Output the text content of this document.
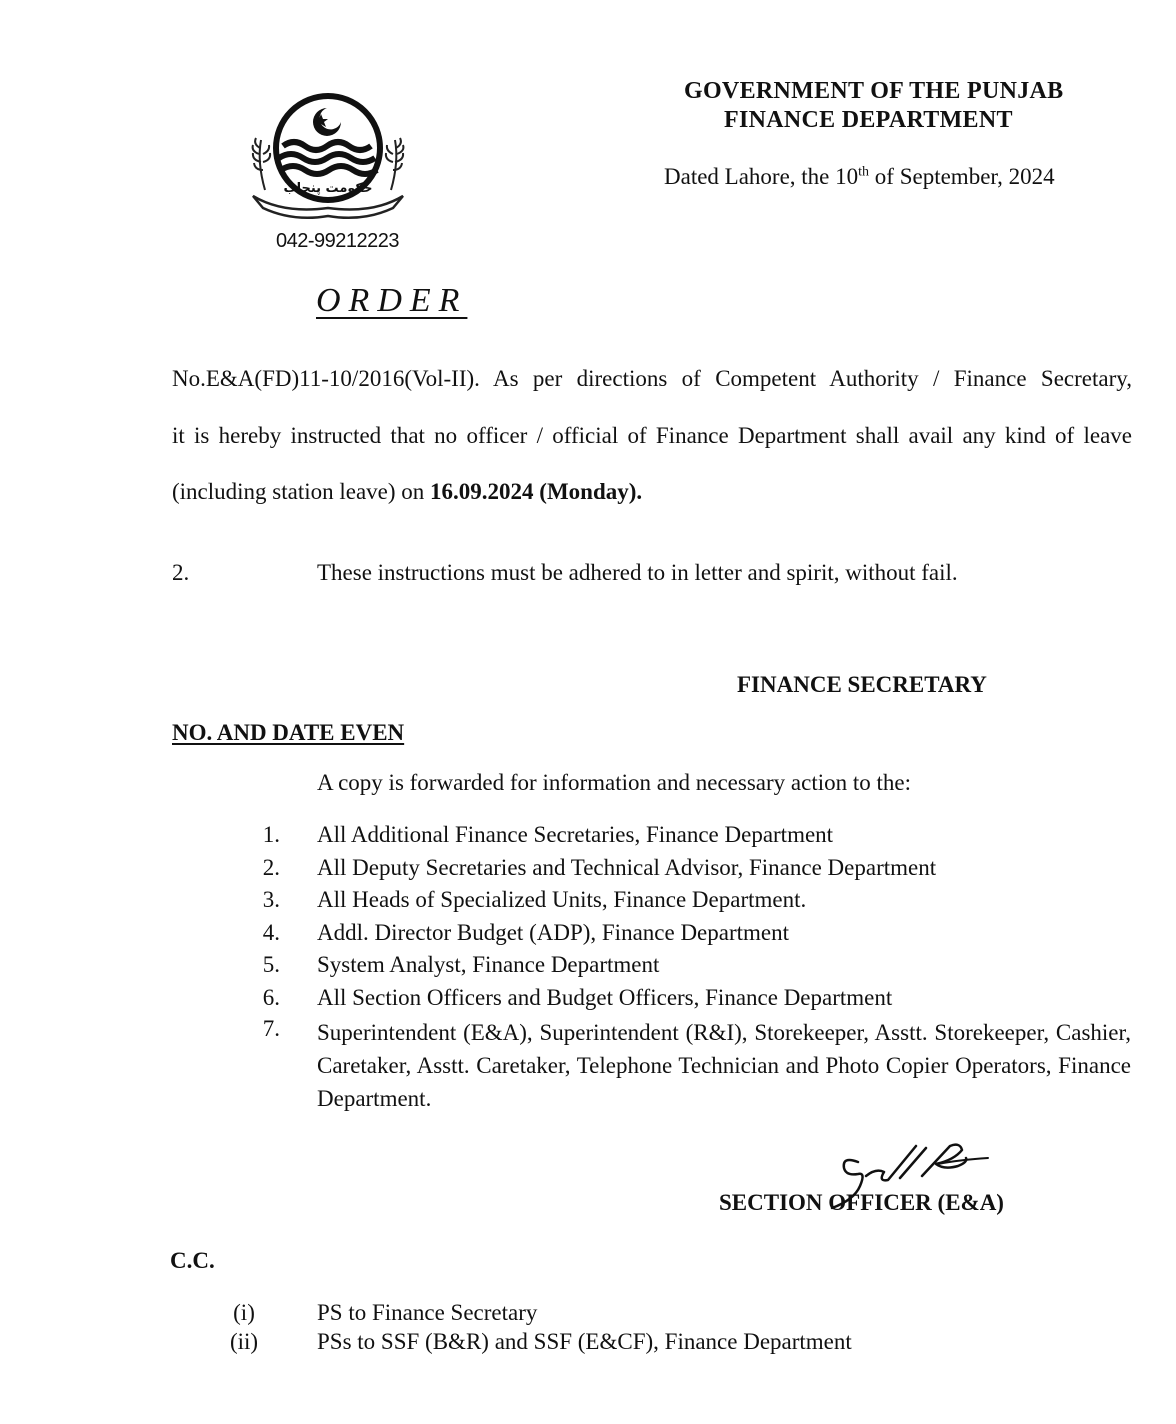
GOVERNMENT OF THE PUNJAB
FINANCE DEPARTMENT
Dated Lahore, the 10th of September, 2024
حکومت پنجاب
042-99212223
ORDER
No.E&A(FD)11-10/2016(Vol-II). As per directions of Competent Authority / Finance Secretary,
it is hereby instructed that no officer / official of Finance Department shall avail any kind of leave
(including station leave) on 16.09.2024 (Monday).
2.	These instructions must be adhered to in letter and spirit, without fail.
FINANCE SECRETARY
NO. AND DATE EVEN
A copy is forwarded for information and necessary action to the:
1. All Additional Finance Secretaries, Finance Department
2. All Deputy Secretaries and Technical Advisor, Finance Department
3. All Heads of Specialized Units, Finance Department.
4. Addl. Director Budget (ADP), Finance Department
5. System Analyst, Finance Department
6. All Section Officers and Budget Officers, Finance Department
7. Superintendent (E&A), Superintendent (R&I), Storekeeper, Asstt. Storekeeper, Cashier, Caretaker, Asstt. Caretaker, Telephone Technician and Photo Copier Operators, Finance Department.
SECTION OFFICER (E&A)
C.C.
(i)	PS to Finance Secretary
(ii)	PSs to SSF (B&R) and SSF (E&CF), Finance Department
